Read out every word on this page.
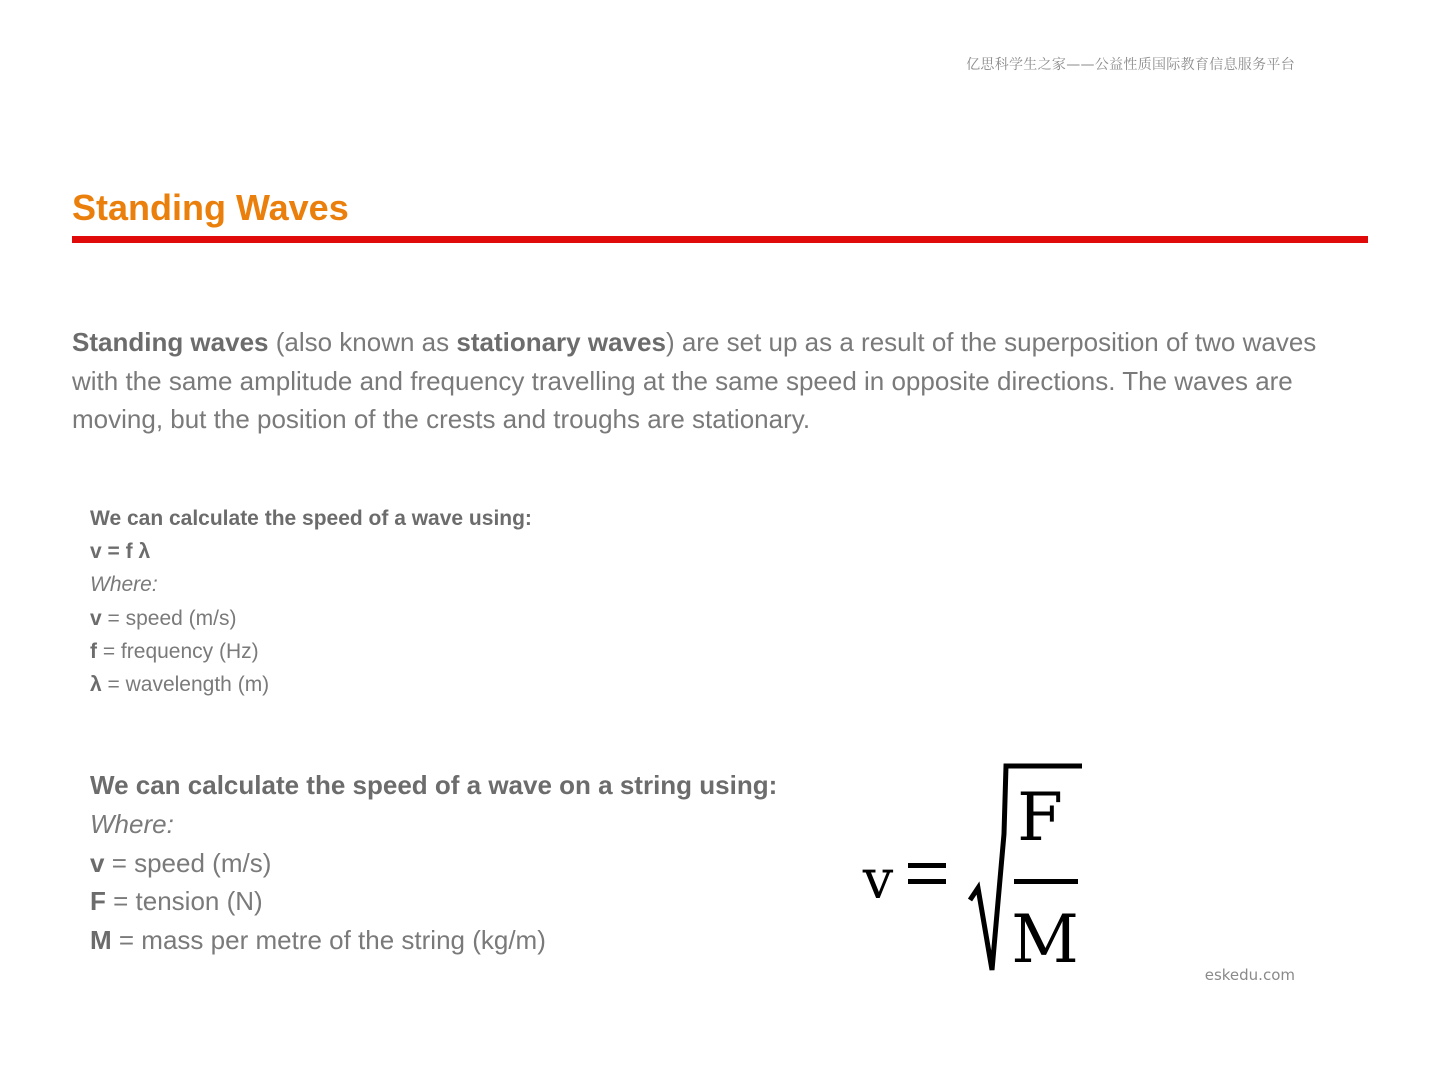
亿思科学生之家——公益性质国际教育信息服务平台
Standing Waves

Standing waves (also known as stationary waves) are set up as a result of the superposition of two waves with the same amplitude and frequency travelling at the same speed in opposite directions. The waves are moving, but the position of the crests and troughs are stationary.

We can calculate the speed of a wave using:
v = f λ
Where:
v = speed (m/s)
f = frequency (Hz)
λ = wavelength (m)
We can calculate the speed of a wave on a string using:
Where:
v = speed (m/s)
F = tension (N)
M = mass per metre of the string (kg/m)
v	=
F
M	eskedu.com
